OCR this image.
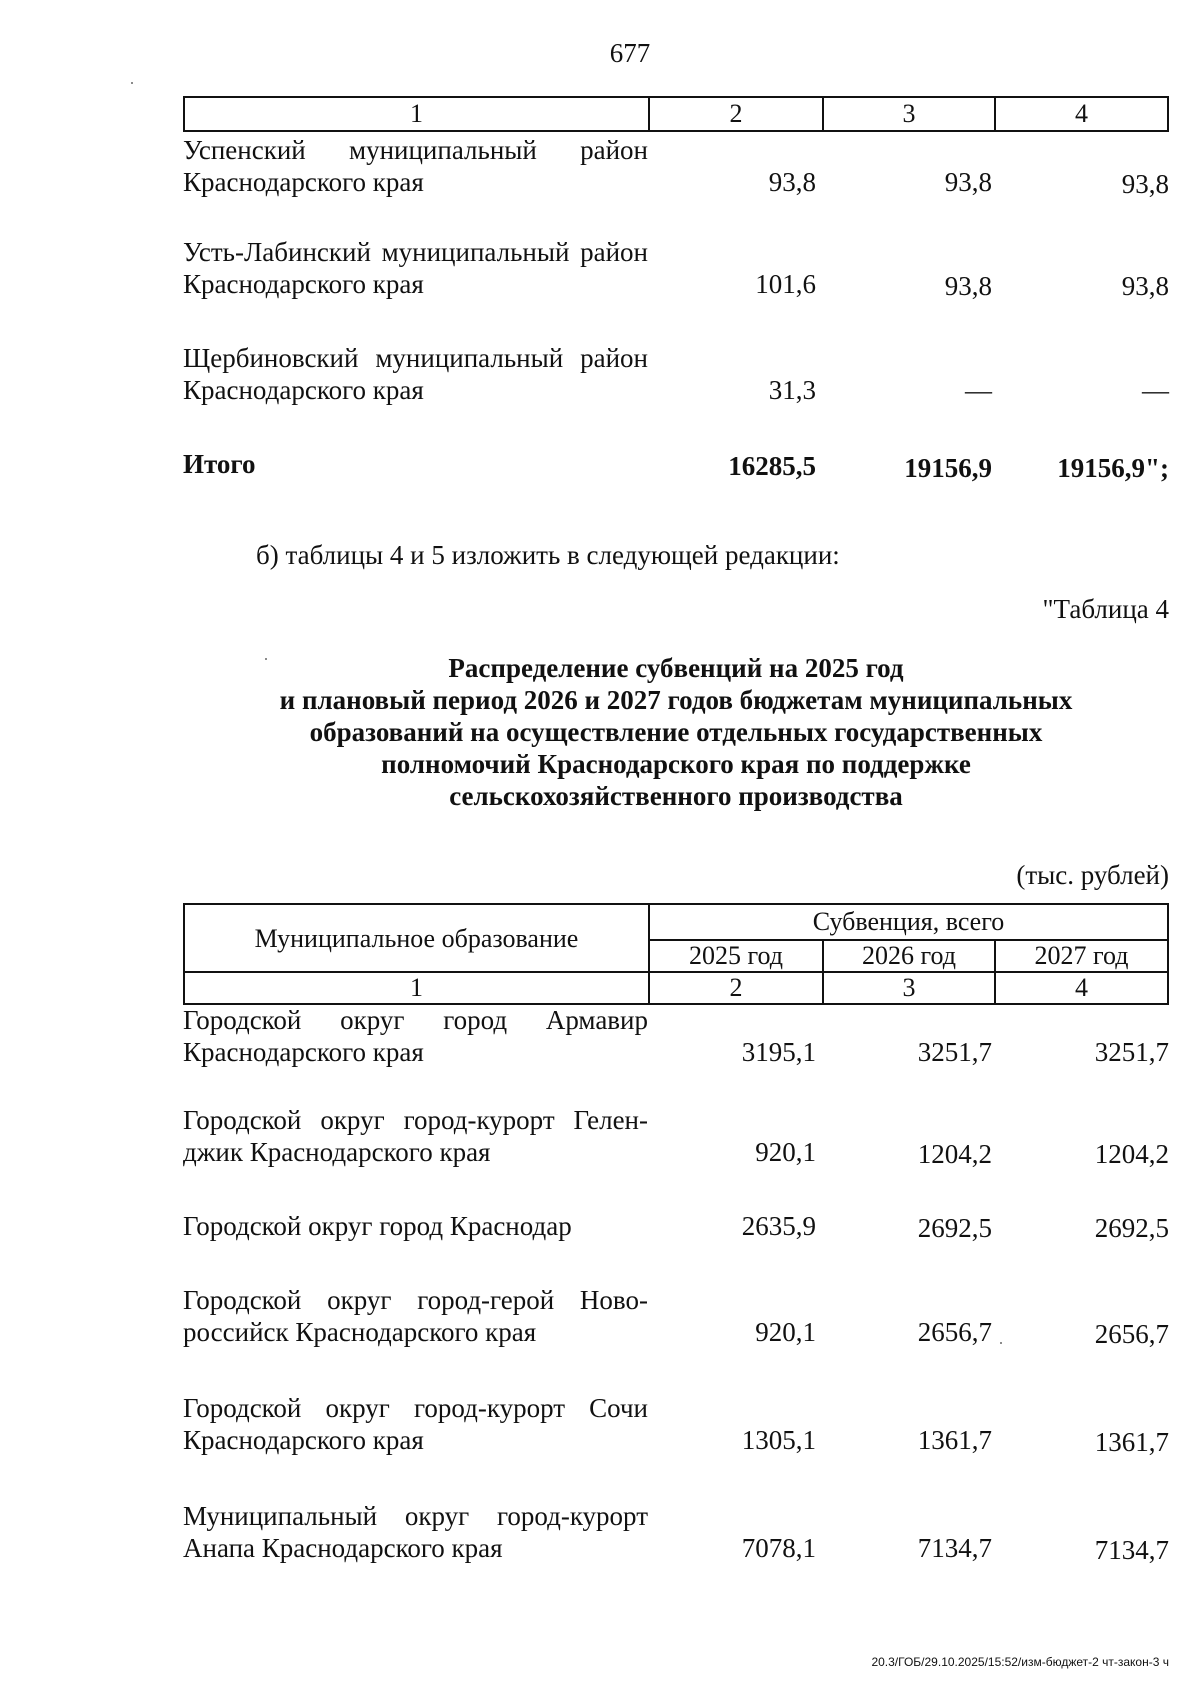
677
1	2	3	4
Успенский муниципальный район Краснодарского края	93,8	93,8	93,8
Усть-Лабинский муниципальный район Краснодарского края	101,6	93,8	93,8
Щербиновский муниципальный район Краснодарского края	31,3	—	—
Итого	16285,5	19156,9	19156,9";
б) таблицы 4 и 5 изложить в следующей редакции:
"Таблица 4
Распределение субвенций на 2025 год
и плановый период 2026 и 2027 годов бюджетам муниципальных
образований на осуществление отдельных государственных
полномочий Краснодарского края по поддержке
сельскохозяйственного производства
(тыс. рублей)
Муниципальное образование
Субвенция, всего
2025 год	2026 год	2027 год
1	2	3	4
Городской округ город Армавир Краснодарского края	3195,1	3251,7	3251,7
Городской округ город-курорт Гелен-джик Краснодарского края	920,1	1204,2	1204,2
Городской округ город Краснодар	2635,9	2692,5	2692,5
Городской округ город-герой Ново-российск Краснодарского края	920,1	2656,7	2656,7
Городской округ город-курорт Сочи Краснодарского края	1305,1	1361,7	1361,7
Муниципальный округ город-курорт Анапа Краснодарского края	7078,1	7134,7	7134,7
20.3/ГОБ/29.10.2025/15:52/изм-бюджет-2 чт-закон-3 ч
